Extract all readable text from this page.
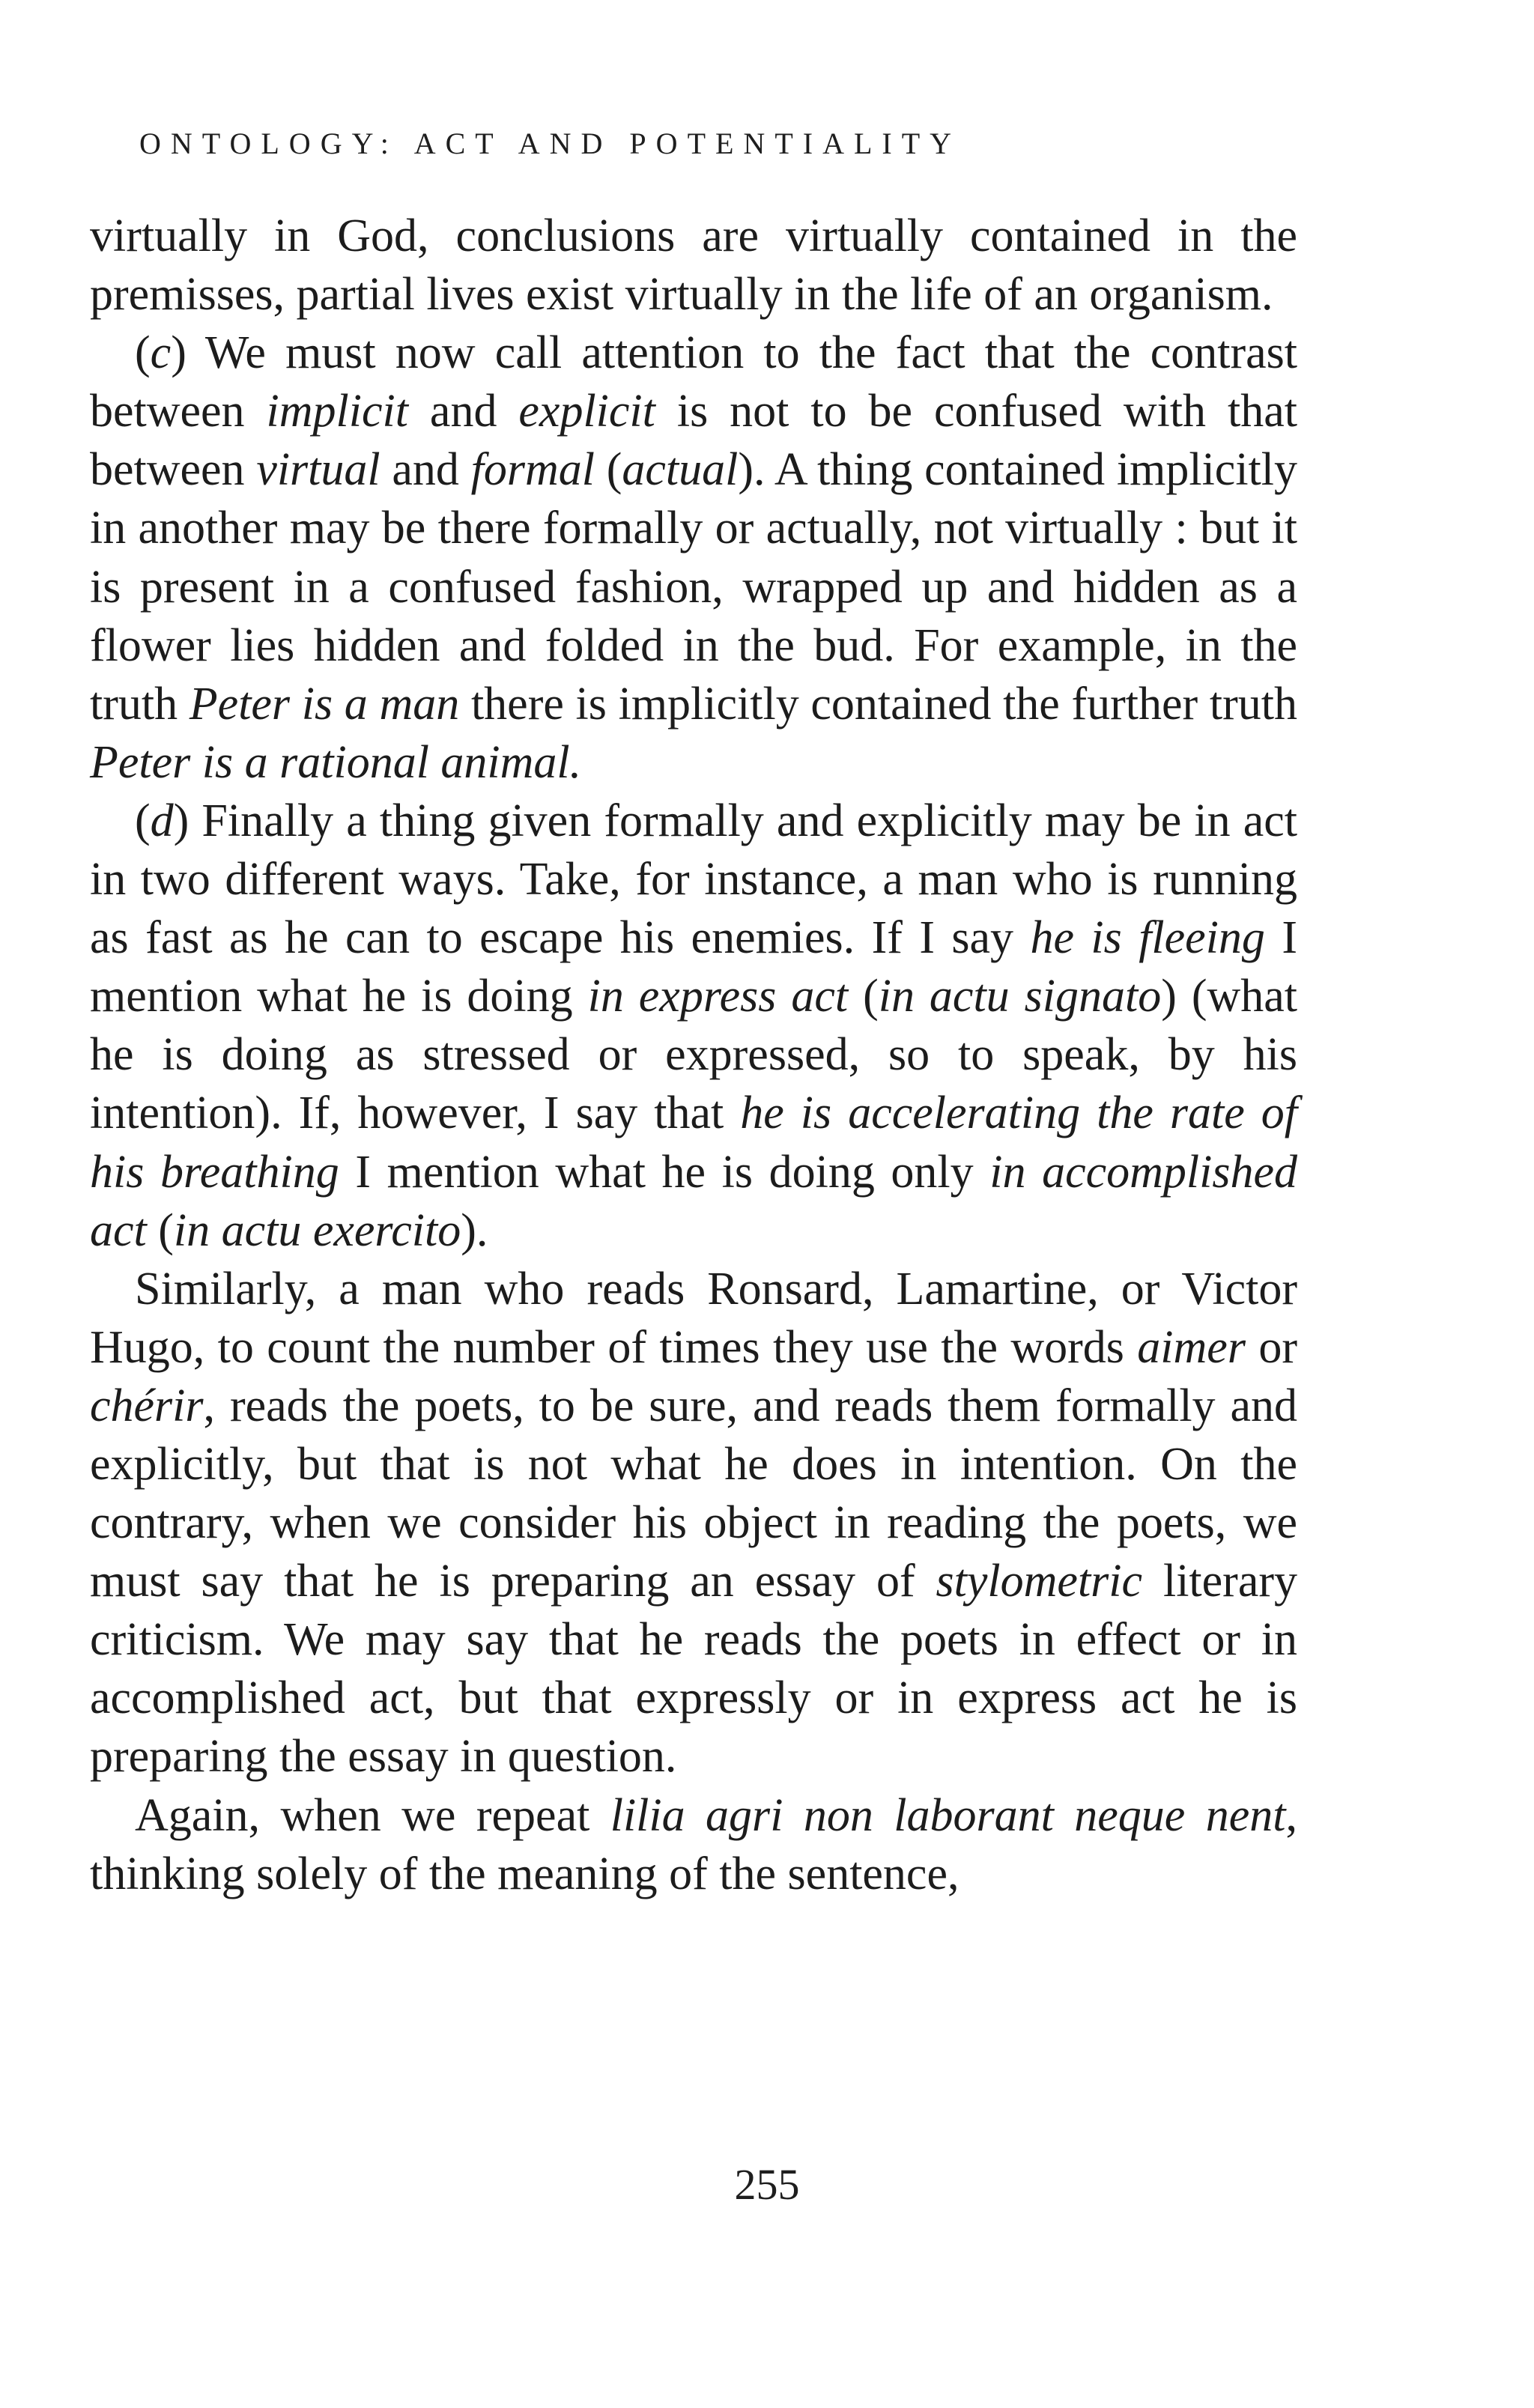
ONTOLOGY: ACT AND POTENTIALITY

virtually in God, conclusions are virtually contained in the premisses, partial lives exist virtually in the life of an organism.

(c) We must now call attention to the fact that the contrast between implicit and explicit is not to be confused with that between virtual and formal (actual). A thing contained implicitly in another may be there formally or actually, not virtually : but it is present in a confused fashion, wrapped up and hidden as a flower lies hidden and folded in the bud. For example, in the truth Peter is a man there is implicitly contained the further truth Peter is a rational animal.

(d) Finally a thing given formally and explicitly may be in act in two different ways. Take, for instance, a man who is running as fast as he can to escape his enemies. If I say he is fleeing I mention what he is doing in express act (in actu signato) (what he is doing as stressed or expressed, so to speak, by his intention). If, however, I say that he is accelerating the rate of his breathing I mention what he is doing only in accomplished act (in actu exercito).

Similarly, a man who reads Ronsard, Lamartine, or Victor Hugo, to count the number of times they use the words aimer or chérir, reads the poets, to be sure, and reads them formally and explicitly, but that is not what he does in intention. On the contrary, when we consider his object in reading the poets, we must say that he is preparing an essay of stylometric literary criticism. We may say that he reads the poets in effect or in accomplished act, but that expressly or in express act he is preparing the essay in question.

Again, when we repeat lilia agri non laborant neque nent, thinking solely of the meaning of the sentence,

255
